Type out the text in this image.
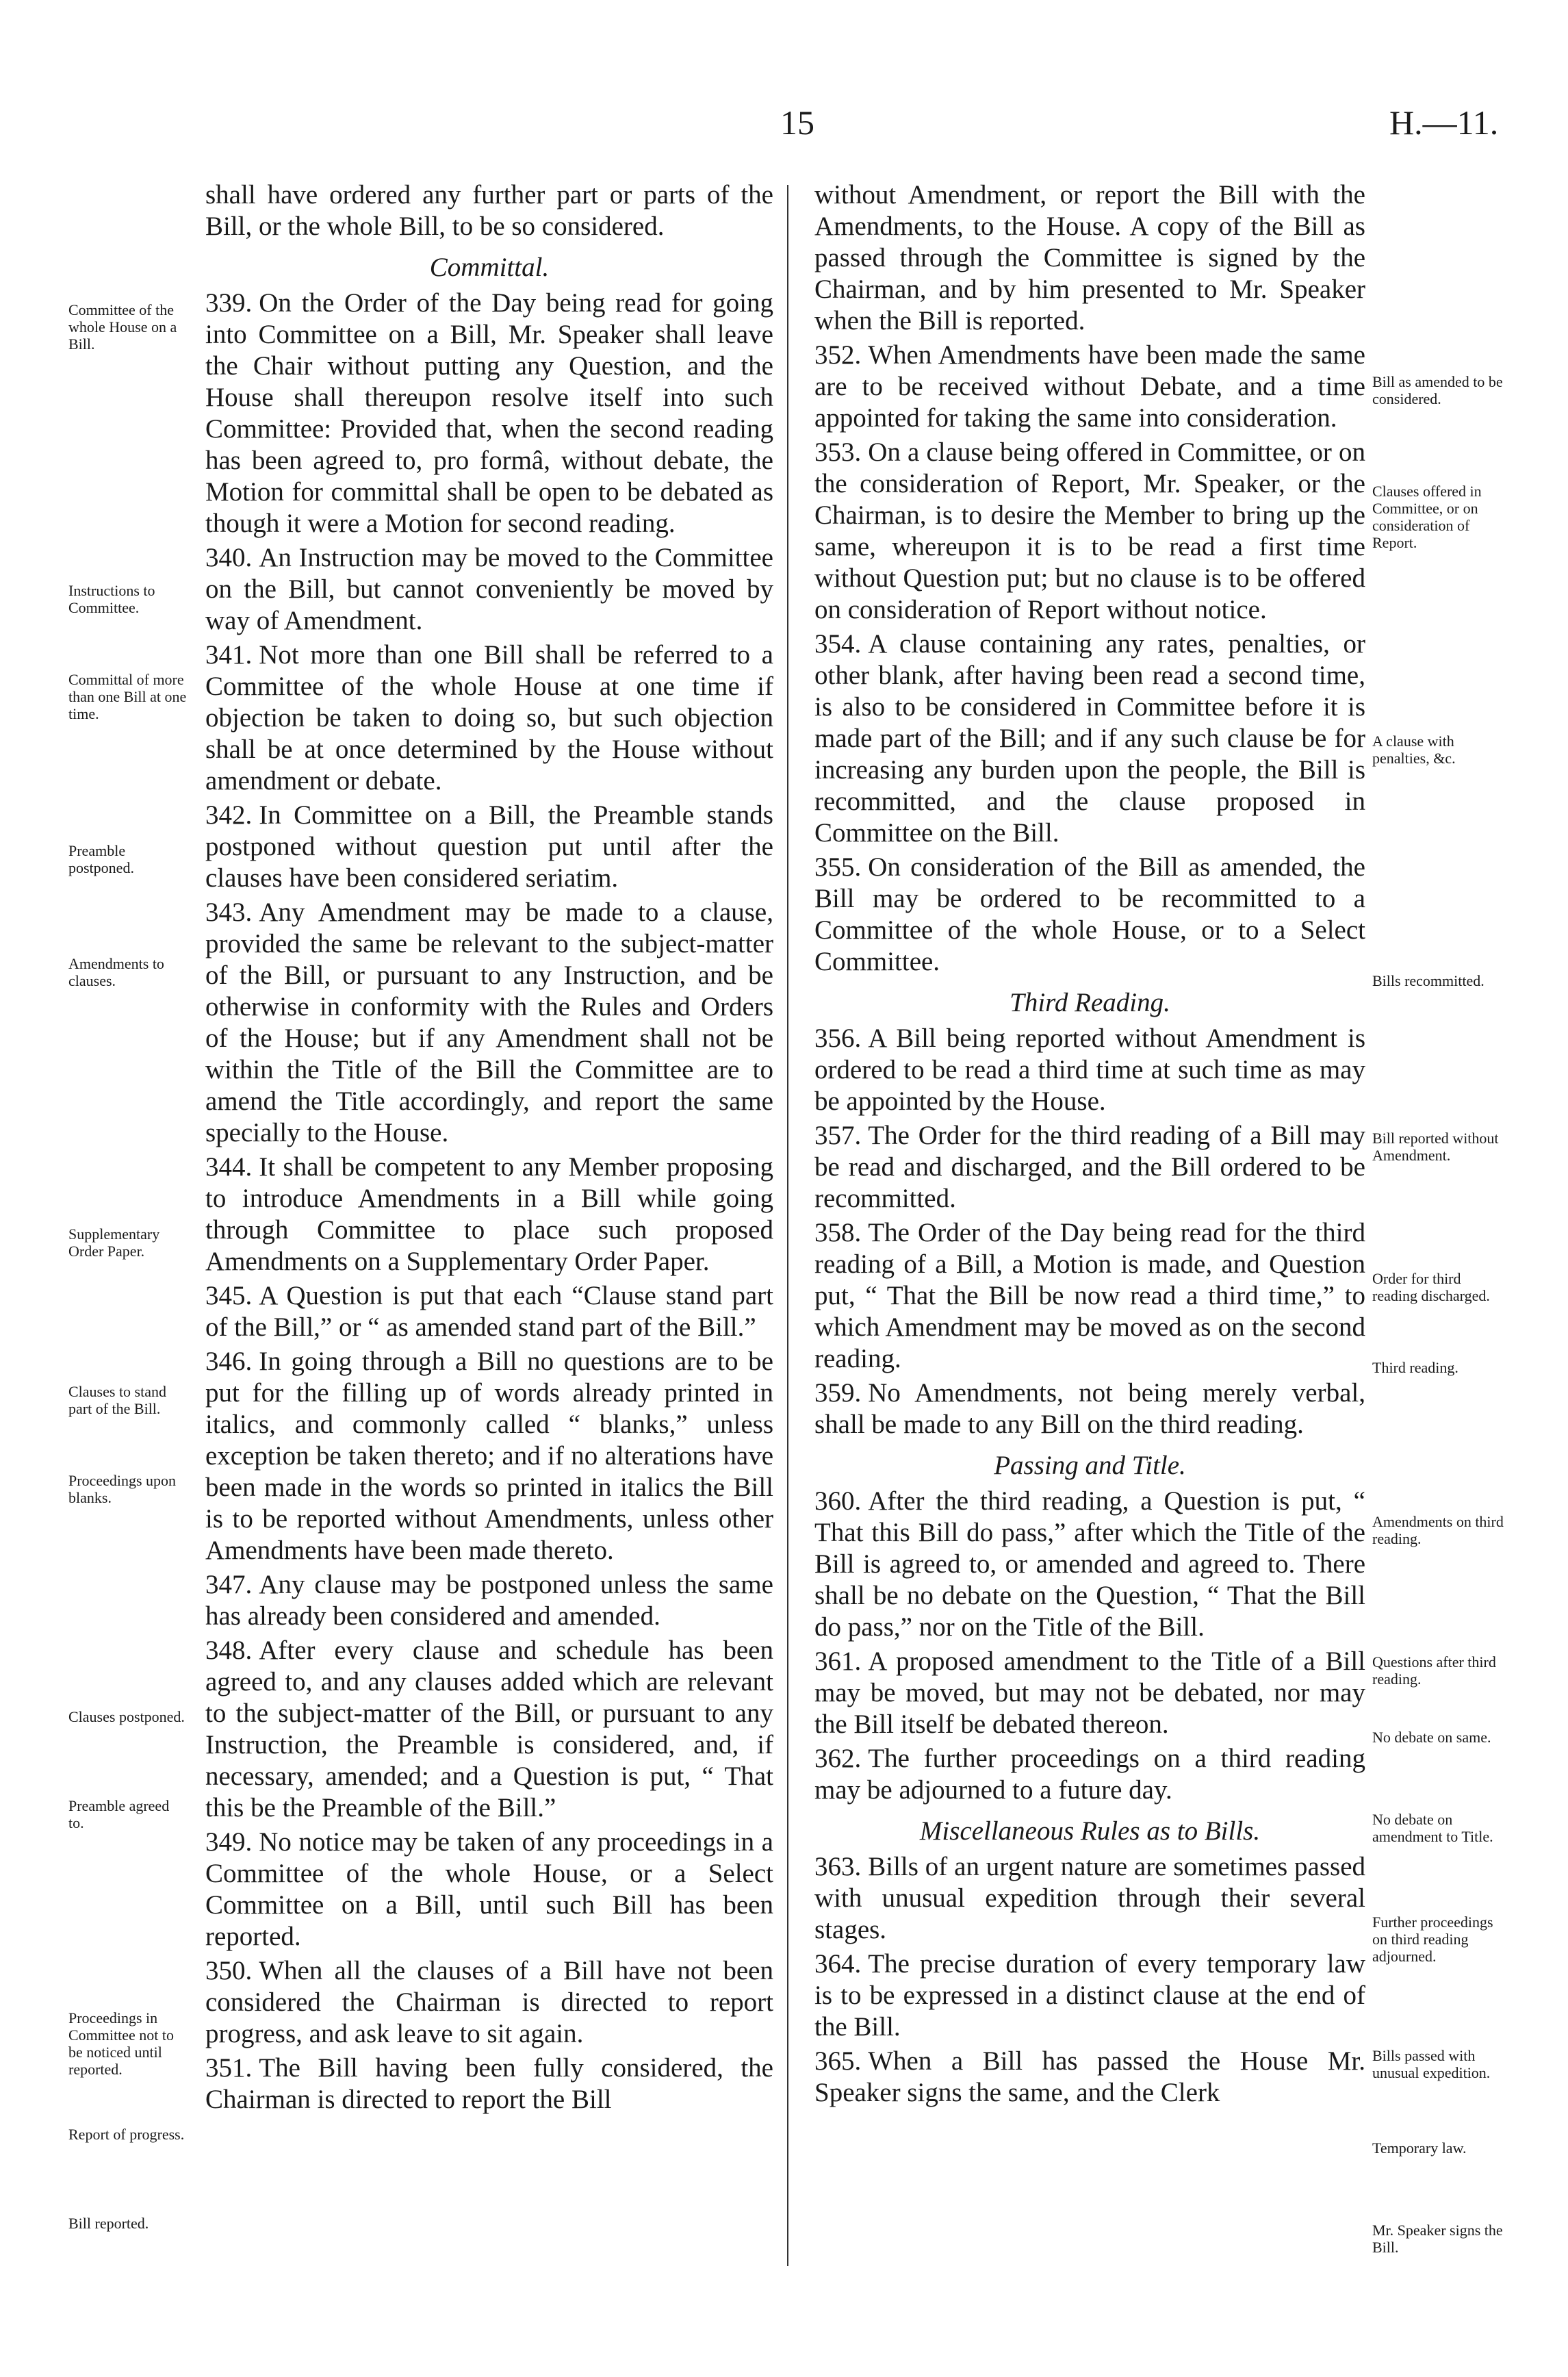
15	H.—11.

shall have ordered any further part or parts of the Bill, or the whole Bill, to be so considered.

Committal.

339. On the Order of the Day being read for going into Committee on a Bill, Mr. Speaker shall leave the Chair without putting any Question, and the House shall thereupon resolve itself into such Committee: Provided that, when the second reading has been agreed to, pro formâ, without debate, the Motion for committal shall be open to be debated as though it were a Motion for second reading.

340. An Instruction may be moved to the Committee on the Bill, but cannot conveniently be moved by way of Amendment.

341. Not more than one Bill shall be referred to a Committee of the whole House at one time if objection be taken to doing so, but such objection shall be at once determined by the House without amendment or debate.

342. In Committee on a Bill, the Preamble stands postponed without question put until after the clauses have been considered seriatim.

343. Any Amendment may be made to a clause, provided the same be relevant to the subject-matter of the Bill, or pursuant to any Instruction, and be otherwise in conformity with the Rules and Orders of the House; but if any Amendment shall not be within the Title of the Bill the Committee are to amend the Title accordingly, and report the same specially to the House.

344. It shall be competent to any Member proposing to introduce Amendments in a Bill while going through Committee to place such proposed Amendments on a Supplementary Order Paper.

345. A Question is put that each “Clause stand part of the Bill,” or “ as amended stand part of the Bill.”

346. In going through a Bill no questions are to be put for the filling up of words already printed in italics, and commonly called “ blanks,” unless exception be taken thereto; and if no alterations have been made in the words so printed in italics the Bill is to be reported without Amendments, unless other Amendments have been made thereto.

347. Any clause may be postponed unless the same has already been considered and amended.

348. After every clause and schedule has been agreed to, and any clauses added which are relevant to the subject-matter of the Bill, or pursuant to any Instruction, the Preamble is considered, and, if necessary, amended; and a Question is put, “ That this be the Preamble of the Bill.”

349. No notice may be taken of any proceedings in a Committee of the whole House, or a Select Committee on a Bill, until such Bill has been reported.

350. When all the clauses of a Bill have not been considered the Chairman is directed to report progress, and ask leave to sit again.

351. The Bill having been fully considered, the Chairman is directed to report the Bill

Committee of the whole House on a Bill.
Instructions to Committee.
Committal of more than one Bill at one time.
Preamble postponed.
Amendments to clauses.
Supplementary Order Paper.
Clauses to stand part of the Bill.
Proceedings upon blanks.
Clauses postponed.
Preamble agreed to.
Proceedings in Committee not to be noticed until reported.
Report of progress.
Bill reported.

without Amendment, or report the Bill with the Amendments, to the House. A copy of the Bill as passed through the Committee is signed by the Chairman, and by him presented to Mr. Speaker when the Bill is reported.

352. When Amendments have been made the same are to be received without Debate, and a time appointed for taking the same into consideration.

353. On a clause being offered in Committee, or on the consideration of Report, Mr. Speaker, or the Chairman, is to desire the Member to bring up the same, whereupon it is to be read a first time without Question put; but no clause is to be offered on consideration of Report without notice.

354. A clause containing any rates, penalties, or other blank, after having been read a second time, is also to be considered in Committee before it is made part of the Bill; and if any such clause be for increasing any burden upon the people, the Bill is recommitted, and the clause proposed in Committee on the Bill.

355. On consideration of the Bill as amended, the Bill may be ordered to be recommitted to a Committee of the whole House, or to a Select Committee.

Third Reading.

356. A Bill being reported without Amendment is ordered to be read a third time at such time as may be appointed by the House.

357. The Order for the third reading of a Bill may be read and discharged, and the Bill ordered to be recommitted.

358. The Order of the Day being read for the third reading of a Bill, a Motion is made, and Question put, “ That the Bill be now read a third time,” to which Amendment may be moved as on the second reading.

359. No Amendments, not being merely verbal, shall be made to any Bill on the third reading.

Passing and Title.

360. After the third reading, a Question is put, “ That this Bill do pass,” after which the Title of the Bill is agreed to, or amended and agreed to. There shall be no debate on the Question, “ That the Bill do pass,” nor on the Title of the Bill.

361. A proposed amendment to the Title of a Bill may be moved, but may not be debated, nor may the Bill itself be debated thereon.

362. The further proceedings on a third reading may be adjourned to a future day.

Miscellaneous Rules as to Bills.

363. Bills of an urgent nature are sometimes passed with unusual expedition through their several stages.

364. The precise duration of every temporary law is to be expressed in a distinct clause at the end of the Bill.

365. When a Bill has passed the House Mr. Speaker signs the same, and the Clerk

Bill as amended to be considered.
Clauses offered in Committee, or on consideration of Report.
A clause with penalties, &c.
Bills recommitted.
Bill reported without Amendment.
Order for third reading discharged.
Third reading.
Amendments on third reading.
Questions after third reading.
No debate on same.
No debate on amendment to Title.
Further proceedings on third reading adjourned.
Bills passed with unusual expedition.
Temporary law.
Mr. Speaker signs the Bill.
